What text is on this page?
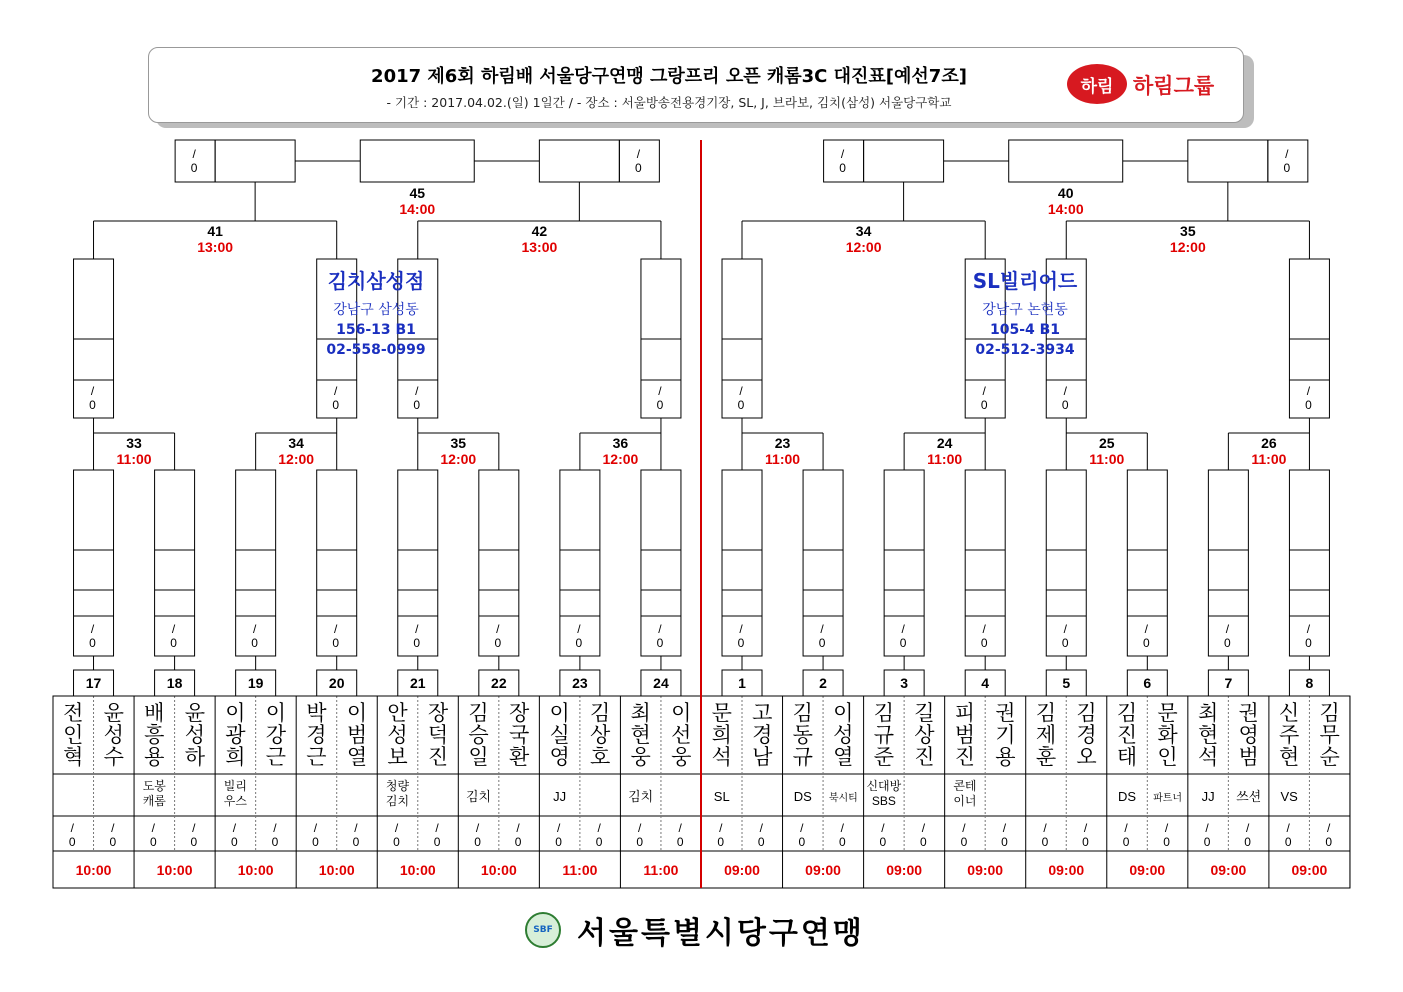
2017 제6회 하림배 서울당구연맹 그랑프리 오픈 캐롬3C 대진표[예선7조]
- 기간 : 2017.04.02.(일) 1일간 / - 장소 : 서울방송전용경기장, SL, J, 브라보, 김치(삼성) 서울당구학교
하림 하림그룹
전
인
혁
윤
성
수
/
0
/
0
10:00
17
배
흥
용
윤
성
하
도봉
캐롬
/
0
/
0
10:00
18
이
광
희
이
강
근
빌리
우스
/
0
/
0
10:00
19
박
경
근
이
범
열
/
0
/
0
10:00
20
안
성
보
장
덕
진
청량
김치
/
0
/
0
10:00
21
김
승
일
장
국
환
김치
/
0
/
0
10:00
22
이
실
영
김
상
호
JJ
/
0
/
0
11:00
23
최
현
웅
이
선
웅
김치
/
0
/
0
11:00
24
문
희
석
고
경
남
SL
/
0
/
0
09:00
1
김
동
규
이
성
열
DS 북시티
/
0
/
0
09:00
2
김
규
준
길
상
진
신대방
SBS
/
0
/
0
09:00
3
피
범
진
권
기
용
콘테
이너
/
0
/
0
09:00
4
김
제
훈
김
경
오
/
0
/
0
09:00
5
김
진
태
문
화
인
DS 파트너
/
0
/
0
09:00
6
최
현
석
권
영
범
JJ 쓰션
/
0
/
0
09:00
7
신
주
현
김
무
순
VS
/
0
/
0
09:00
8
/
0
/
0
/
0
/
0
/
0
/
0
/
0
/
0
/
0
/
0
/
0
/
0
/
0
/
0
/
0
/
0
33
11:00
34
12:00
35
12:00
36
12:00
23
11:00
24
11:00
25
11:00
26
11:00
/
0
/
0
/
0
/
0
/
0
/
0
/
0
/
0
41
13:00
42
13:00
34
12:00
35
12:00
/
0
/
0
45
14:00
/
0
/
0
40
14:00
김치삼성점
강남구 삼성동
156-13 B1
02-558-0999
SL빌리어드
강남구 논현동
105-4 B1
02-512-3934
SBF 서울특별시당구연맹
